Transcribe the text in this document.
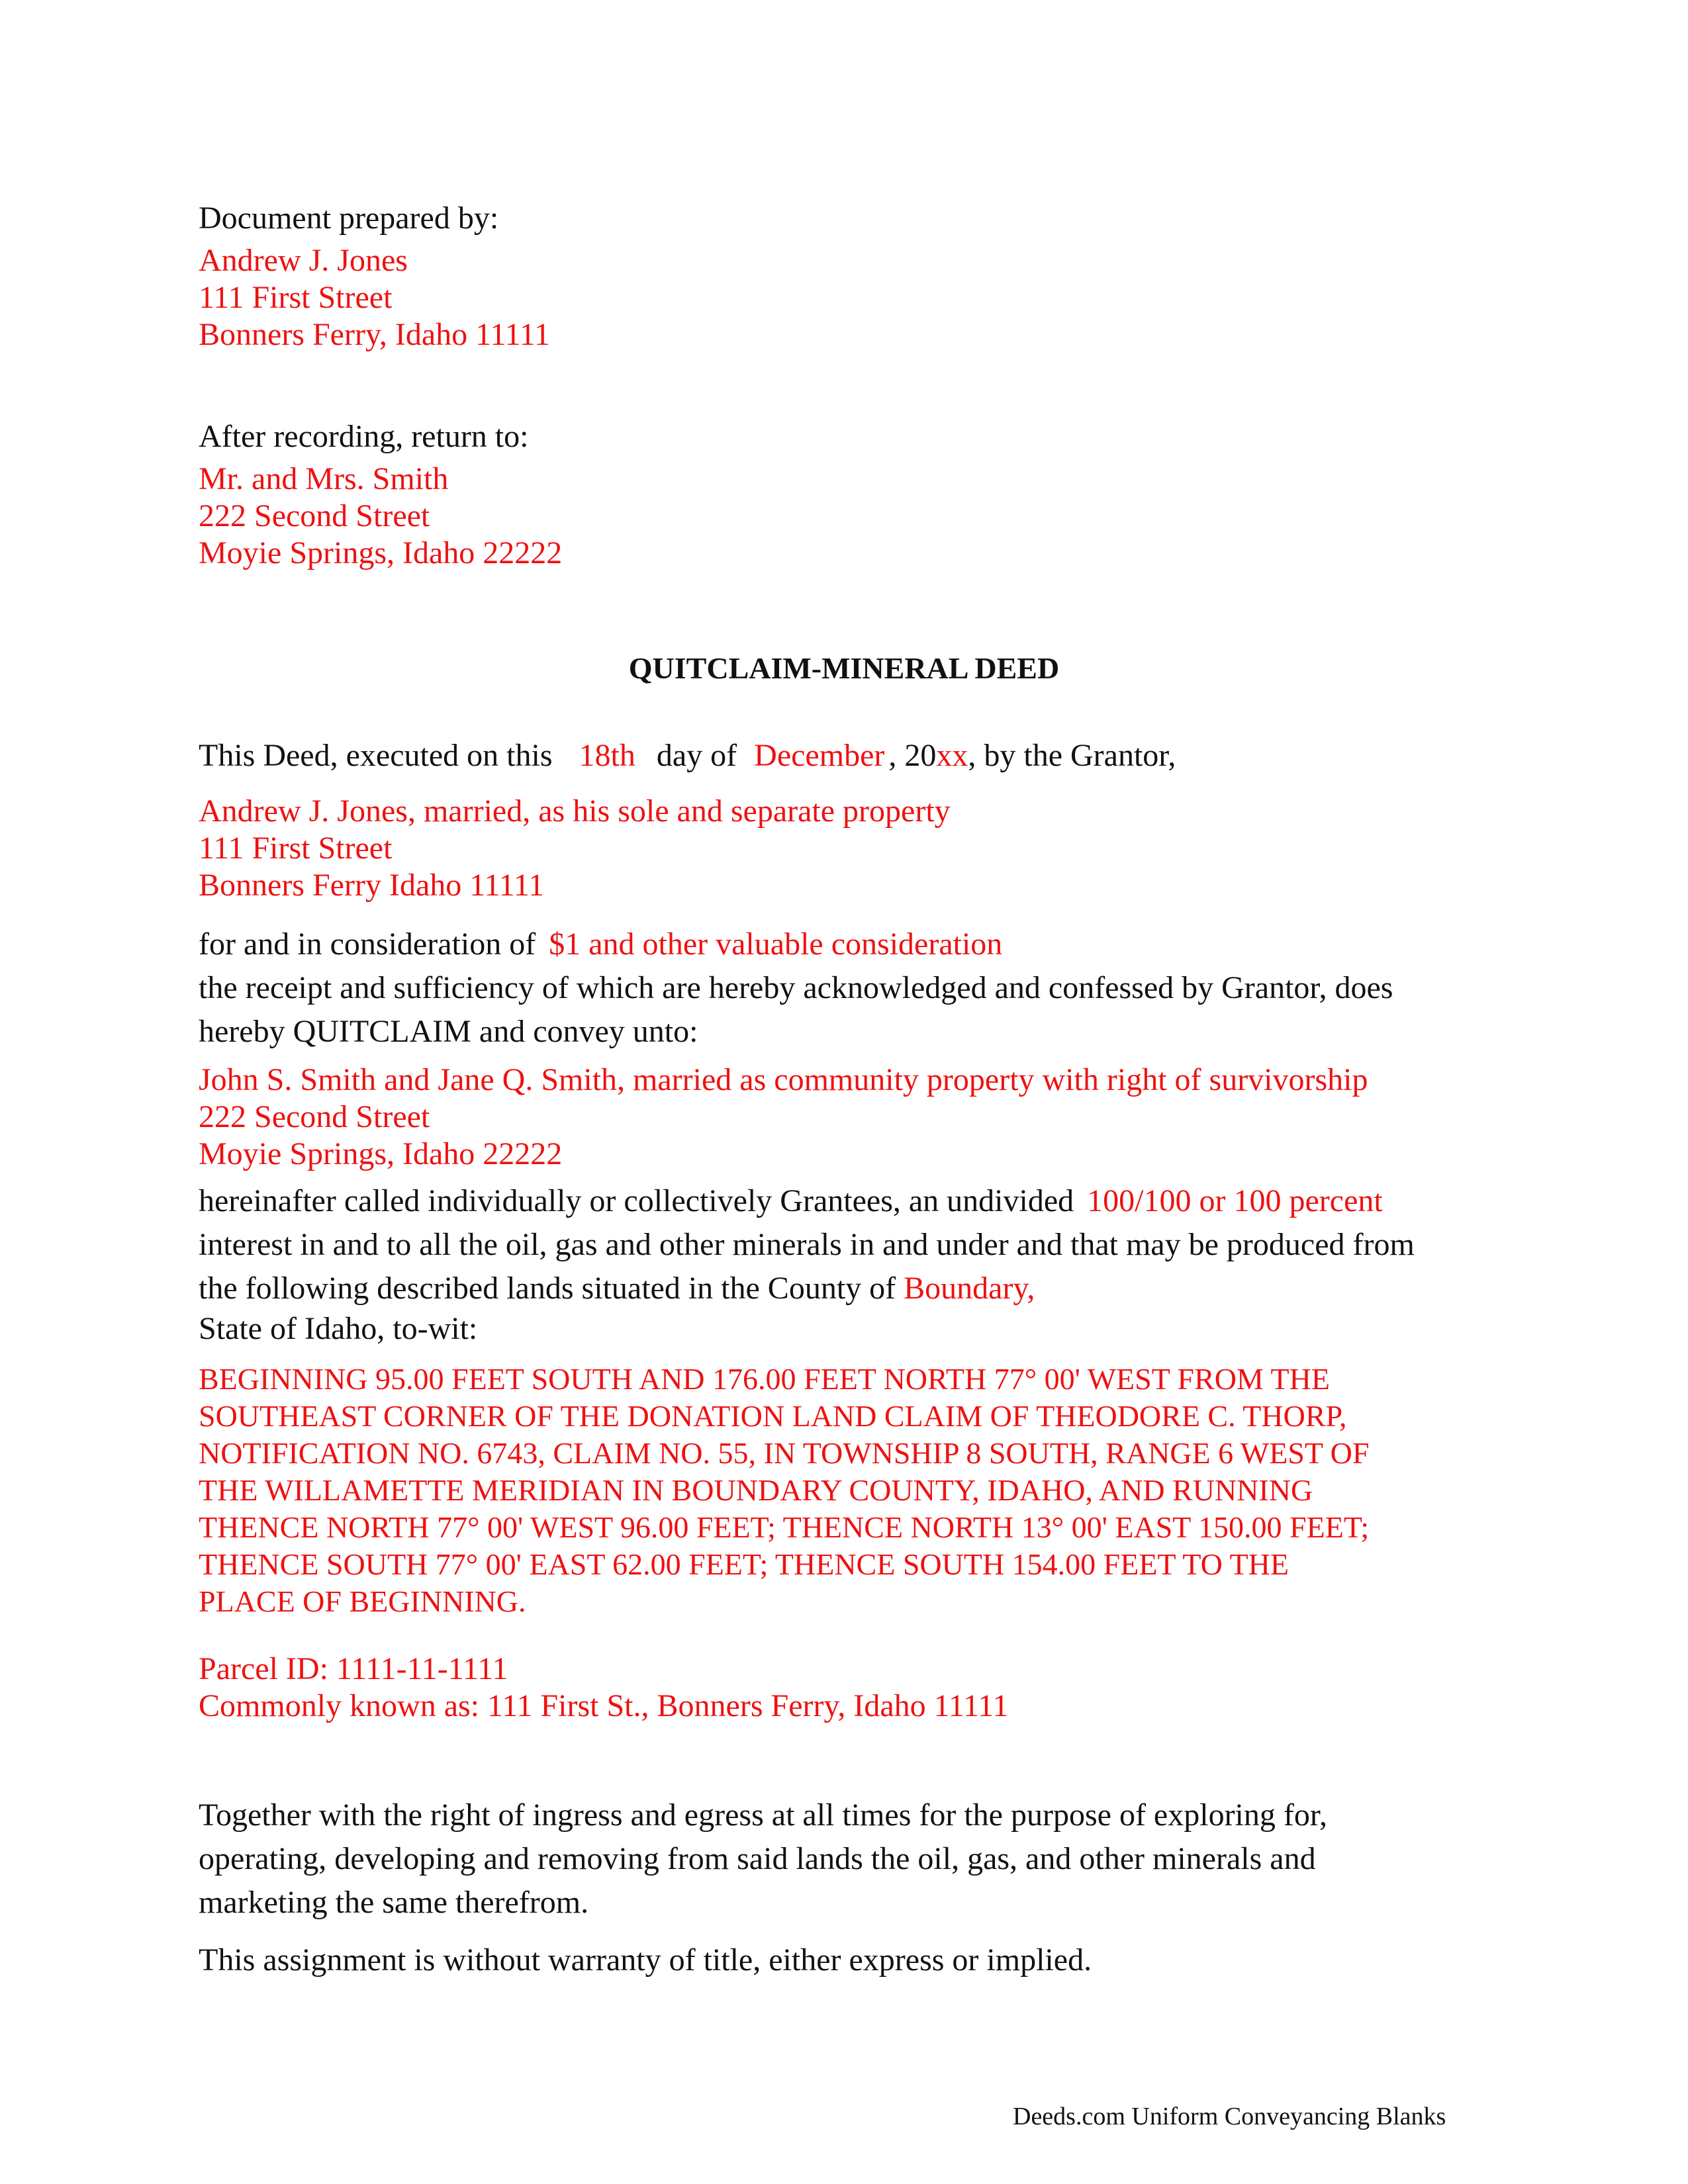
Document prepared by:
Andrew J. Jones
111 First Street
Bonners Ferry, Idaho 11111
After recording, return to:
Mr. and Mrs. Smith
222 Second Street
Moyie Springs, Idaho 22222
QUITCLAIM-MINERAL DEED
This Deed, executed on this 18th day of December , 20xx, by the Grantor,
Andrew J. Jones, married, as his sole and separate property
111 First Street
Bonners Ferry Idaho 11111
for and in consideration of $1 and other valuable consideration
the receipt and sufficiency of which are hereby acknowledged and confessed by Grantor, does
hereby QUITCLAIM and convey unto:
John S. Smith and Jane Q. Smith, married as community property with right of survivorship
222 Second Street
Moyie Springs, Idaho 22222
hereinafter called individually or collectively Grantees, an undivided 100/100 or 100 percent
interest in and to all the oil, gas and other minerals in and under and that may be produced from
the following described lands situated in the County of Boundary,
State of Idaho, to-wit:
BEGINNING 95.00 FEET SOUTH AND 176.00 FEET NORTH 77° 00' WEST FROM THE
SOUTHEAST CORNER OF THE DONATION LAND CLAIM OF THEODORE C. THORP,
NOTIFICATION NO. 6743, CLAIM NO. 55, IN TOWNSHIP 8 SOUTH, RANGE 6 WEST OF
THE WILLAMETTE MERIDIAN IN BOUNDARY COUNTY, IDAHO, AND RUNNING
THENCE NORTH 77° 00' WEST 96.00 FEET; THENCE NORTH 13° 00' EAST 150.00 FEET;
THENCE SOUTH 77° 00' EAST 62.00 FEET; THENCE SOUTH 154.00 FEET TO THE
PLACE OF BEGINNING.
Parcel ID: 1111-11-1111
Commonly known as: 111 First St., Bonners Ferry, Idaho 11111
Together with the right of ingress and egress at all times for the purpose of exploring for,
operating, developing and removing from said lands the oil, gas, and other minerals and
marketing the same therefrom.
This assignment is without warranty of title, either express or implied.
Deeds.com Uniform Conveyancing Blanks
